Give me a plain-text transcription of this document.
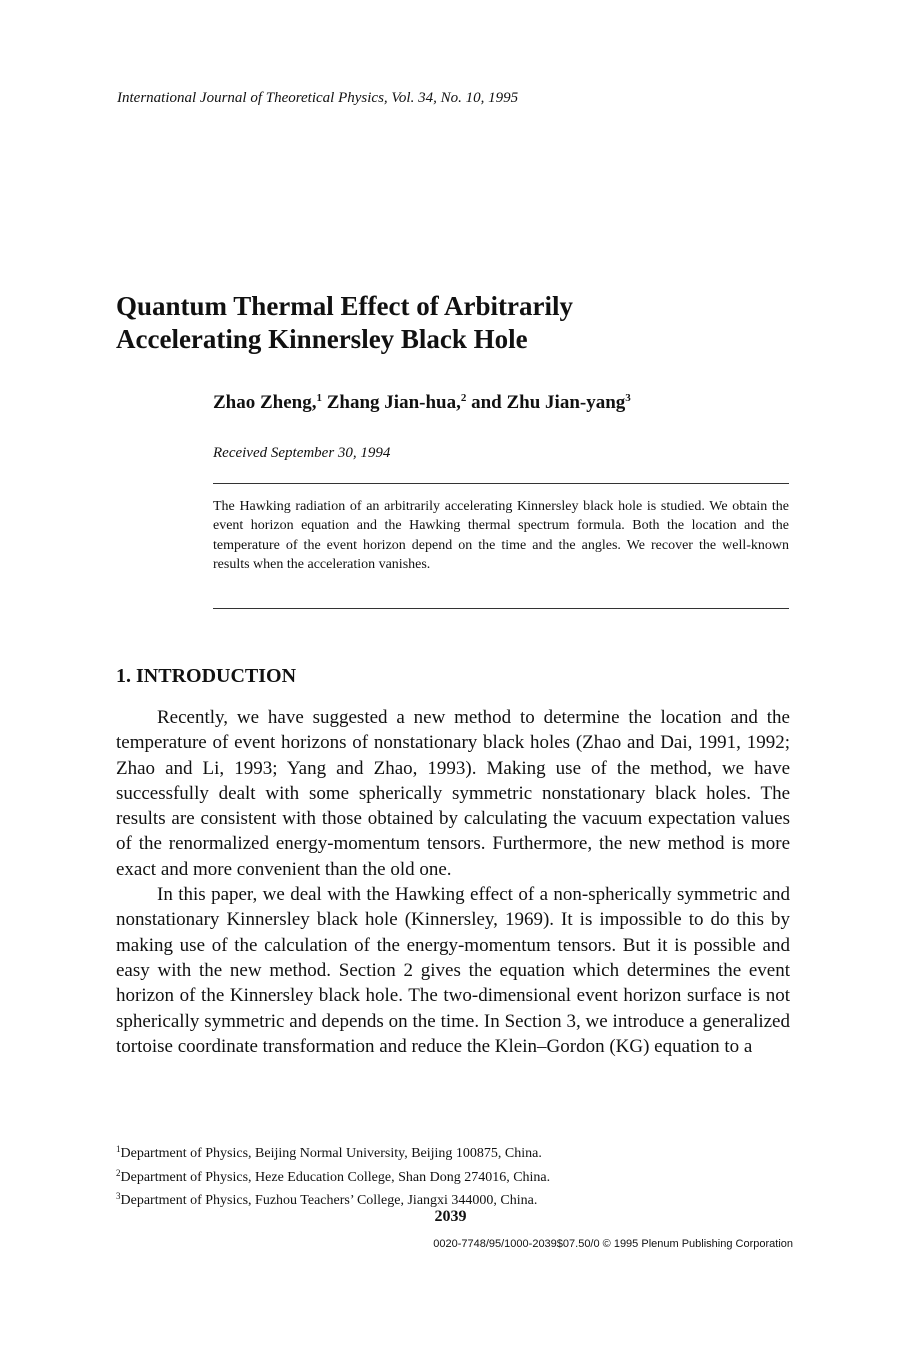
International Journal of Theoretical Physics, Vol. 34, No. 10, 1995
Quantum Thermal Effect of Arbitrarily
Accelerating Kinnersley Black Hole
Zhao Zheng,$^1$ Zhang Jian-hua,$^2$ and Zhu Jian-yang$^3$
Received September 30, 1994

The Hawking radiation of an arbitrarily accelerating Kinnersley black hole is studied. We obtain the event horizon equation and the Hawking thermal spectrum formula. Both the location and the temperature of the event horizon depend on the time and the angles. We recover the well-known results when the acceleration vanishes.

1. INTRODUCTION

Recently, we have suggested a new method to determine the location and the temperature of event horizons of nonstationary black holes (Zhao and Dai, 1991, 1992; Zhao and Li, 1993; Yang and Zhao, 1993). Making use of the method, we have successfully dealt with some spherically symmetric nonstationary black holes. The results are consistent with those obtained by calculating the vacuum expectation values of the renormalized energy-momentum tensors. Furthermore, the new method is more exact and more convenient than the old one.

In this paper, we deal with the Hawking effect of a non-spherically symmetric and nonstationary Kinnersley black hole (Kinnersley, 1969). It is impossible to do this by making use of the calculation of the energy-momentum tensors. But it is possible and easy with the new method. Section 2 gives the equation which determines the event horizon of the Kinnersley black hole. The two-dimensional event horizon surface is not spherically symmetric and depends on the time. In Section 3, we introduce a generalized tortoise coordinate transformation and reduce the Klein–Gordon (KG) equation to a

$^1$Department of Physics, Beijing Normal University, Beijing 100875, China.
$^2$Department of Physics, Heze Education College, Shan Dong 274016, China.
$^3$Department of Physics, Fuzhou Teachers’ College, Jiangxi 344000, China.
2039
0020-7748/95/1000-2039$07.50/0 © 1995 Plenum Publishing Corporation
